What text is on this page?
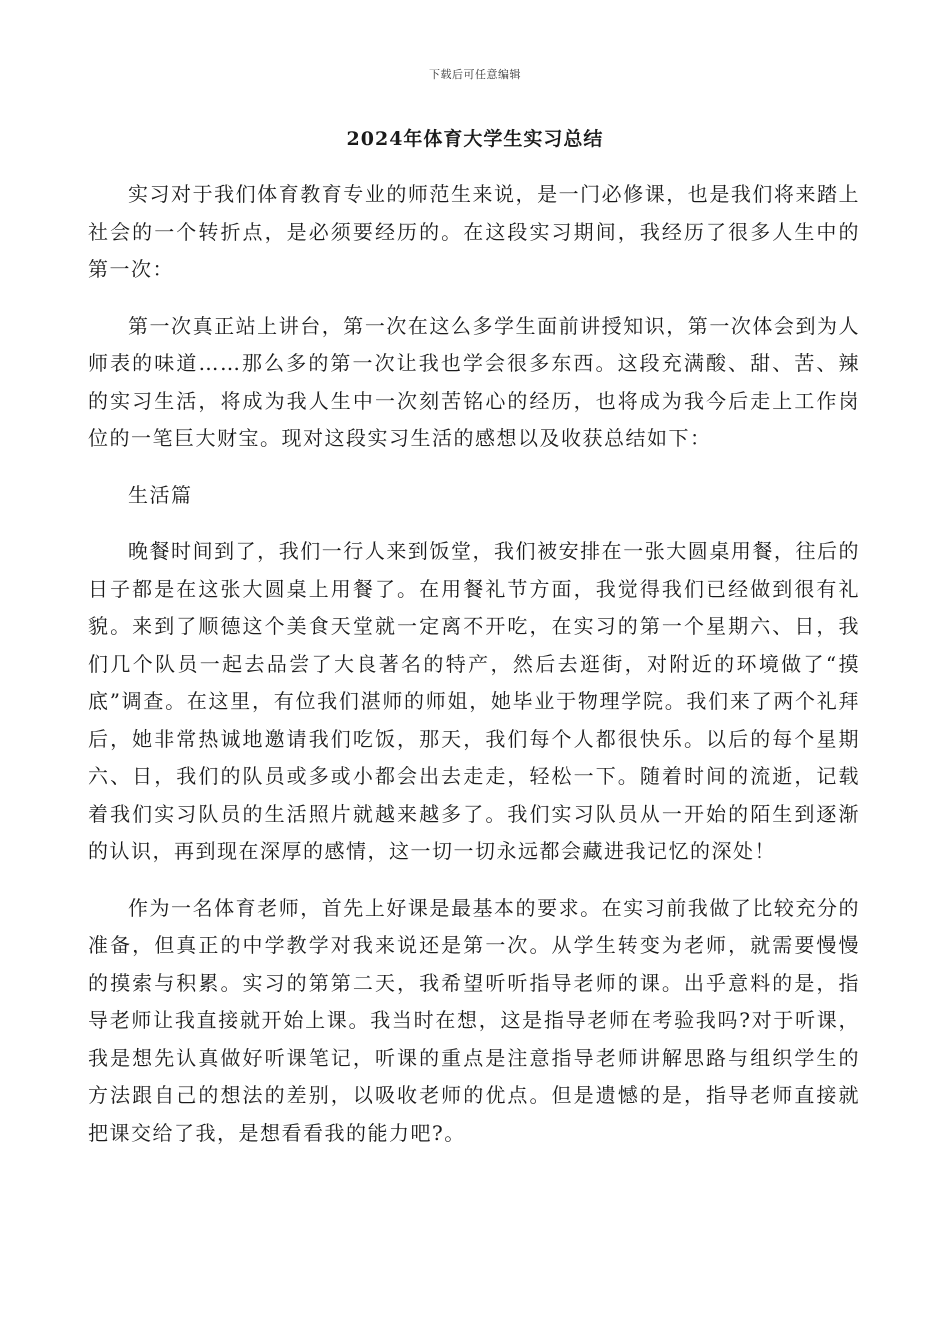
下载后可任意编辑
2024年体育大学生实习总结

实习对于我们体育教育专业的师范生来说，是一门必修课，也是我们将来踏上社会的一个转折点，是必须要经历的。在这段实习期间，我经历了很多人生中的第一次：

第一次真正站上讲台，第一次在这么多学生面前讲授知识，第一次体会到为人师表的味道……那么多的第一次让我也学会很多东西。这段充满酸、甜、苦、辣的实习生活，将成为我人生中一次刻苦铭心的经历，也将成为我今后走上工作岗位的一笔巨大财宝。现对这段实习生活的感想以及收获总结如下：

生活篇

晚餐时间到了，我们一行人来到饭堂，我们被安排在一张大圆桌用餐，往后的日子都是在这张大圆桌上用餐了。在用餐礼节方面，我觉得我们已经做到很有礼貌。来到了顺德这个美食天堂就一定离不开吃，在实习的第一个星期六、日，我们几个队员一起去品尝了大良著名的特产，然后去逛街，对附近的环境做了“摸底”调查。在这里，有位我们湛师的师姐，她毕业于物理学院。我们来了两个礼拜后，她非常热诚地邀请我们吃饭，那天，我们每个人都很快乐。以后的每个星期六、日，我们的队员或多或小都会出去走走，轻松一下。随着时间的流逝，记载着我们实习队员的生活照片就越来越多了。我们实习队员从一开始的陌生到逐渐的认识，再到现在深厚的感情，这一切一切永远都会藏进我记忆的深处！

作为一名体育老师，首先上好课是最基本的要求。在实习前我做了比较充分的准备，但真正的中学教学对我来说还是第一次。从学生转变为老师，就需要慢慢的摸索与积累。实习的第第二天，我希望听听指导老师的课。出乎意料的是，指导老师让我直接就开始上课。我当时在想，这是指导老师在考验我吗?对于听课，我是想先认真做好听课笔记，听课的重点是注意指导老师讲解思路与组织学生的方法跟自己的想法的差别，以吸收老师的优点。但是遗憾的是，指导老师直接就把课交给了我，是想看看我的能力吧?。
